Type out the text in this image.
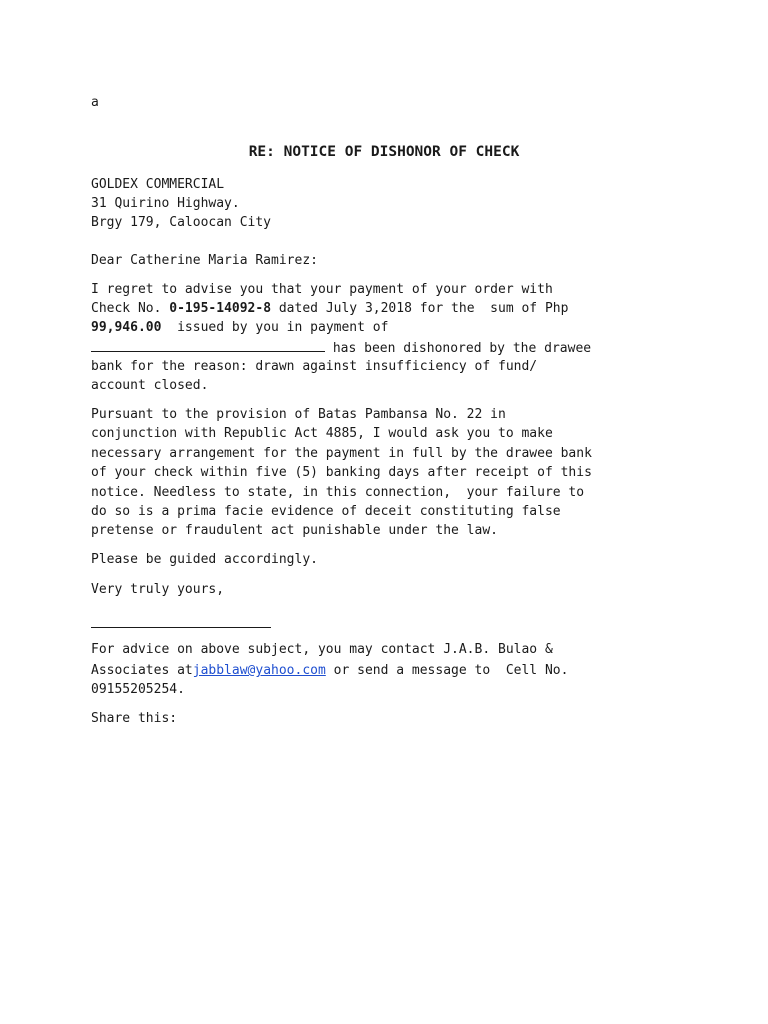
a
RE: NOTICE OF DISHONOR OF CHECK
GOLDEX COMMERCIAL
31 Quirino Highway.
Brgy 179, Caloocan City
Dear Catherine Maria Ramirez:
I regret to advise you that your payment of your order with
Check No. 0-195-14092-8 dated July 3,2018 for the  sum of Php
99,946.00  issued by you in payment of
has been dishonored by the drawee
bank for the reason: drawn against insufficiency of fund/
account closed.
Pursuant to the provision of Batas Pambansa No. 22 in
conjunction with Republic Act 4885, I would ask you to make
necessary arrangement for the payment in full by the drawee bank
of your check within five (5) banking days after receipt of this
notice. Needless to state, in this connection,  your failure to
do so is a prima facie evidence of deceit constituting false
pretense or fraudulent act punishable under the law.
Please be guided accordingly.
Very truly yours,
For advice on above subject, you may contact J.A.B. Bulao &
Associates atjabblaw@yahoo.com or send a message to  Cell No.
09155205254.
Share this:
